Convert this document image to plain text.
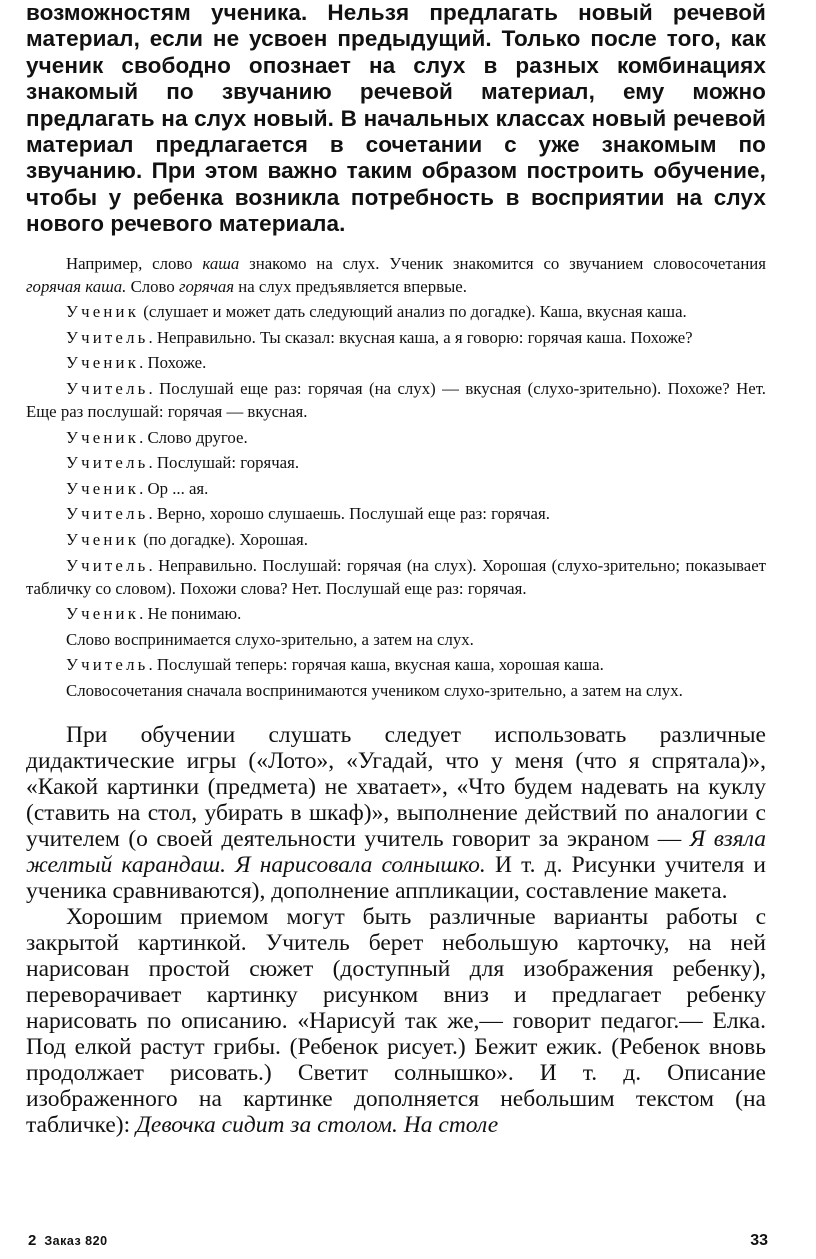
возможностям ученика. Нельзя предлагать новый речевой материал, если не усвоен предыдущий. Только после того, как ученик свободно опознает на слух в разных комбинациях знакомый по звучанию речевой материал, ему можно предлагать на слух новый. В начальных классах новый речевой материал предлагается в сочетании с уже знакомым по звучанию. При этом важно таким образом построить обучение, чтобы у ребенка возникла потребность в восприятии на слух нового речевого материала.

Например, слово каша знакомо на слух. Ученик знакомится со звучанием словосочетания горячая каша. Слово горячая на слух предъявляется впервые.

Ученик (слушает и может дать следующий анализ по догадке). Каша, вкусная каша.

Учитель. Неправильно. Ты сказал: вкусная каша, а я говорю: горячая каша. Похоже?

Ученик. Похоже.

Учитель. Послушай еще раз: горячая (на слух) — вкусная (слухо-зрительно). Похоже? Нет. Еще раз послушай: горячая — вкусная.

Ученик. Слово другое.

Учитель. Послушай: горячая.

Ученик. Ор ... ая.

Учитель. Верно, хорошо слушаешь. Послушай еще раз: горячая.

Ученик (по догадке). Хорошая.

Учитель. Неправильно. Послушай: горячая (на слух). Хорошая (слухо-зрительно; показывает табличку со словом). Похожи слова? Нет. Послушай еще раз: горячая.

Ученик. Не понимаю.

Слово воспринимается слухо-зрительно, а затем на слух.

Учитель. Послушай теперь: горячая каша, вкусная каша, хорошая каша.

Словосочетания сначала воспринимаются учеником слухо-зрительно, а затем на слух.

При обучении слушать следует использовать различные дидактические игры («Лото», «Угадай, что у меня (что я спрятала)», «Какой картинки (предмета) не хватает», «Что будем надевать на куклу (ставить на стол, убирать в шкаф)», выполнение действий по аналогии с учителем (о своей деятельности учитель говорит за экраном — Я взяла желтый карандаш. Я нарисовала солнышко. И т. д. Рисунки учителя и ученика сравниваются), дополнение аппликации, составление макета.

Хорошим приемом могут быть различные варианты работы с закрытой картинкой. Учитель берет небольшую карточку, на ней нарисован простой сюжет (доступный для изображения ребенку), переворачивает картинку рисунком вниз и предлагает ребенку нарисовать по описанию. «Нарисуй так же,— говорит педагог.— Елка. Под елкой растут грибы. (Ребенок рисует.) Бежит ежик. (Ребенок вновь продолжает рисовать.) Светит солнышко». И т. д. Описание изображенного на картинке дополняется небольшим текстом (на табличке): Девочка сидит за столом. На столе

2 Заказ 820	33
